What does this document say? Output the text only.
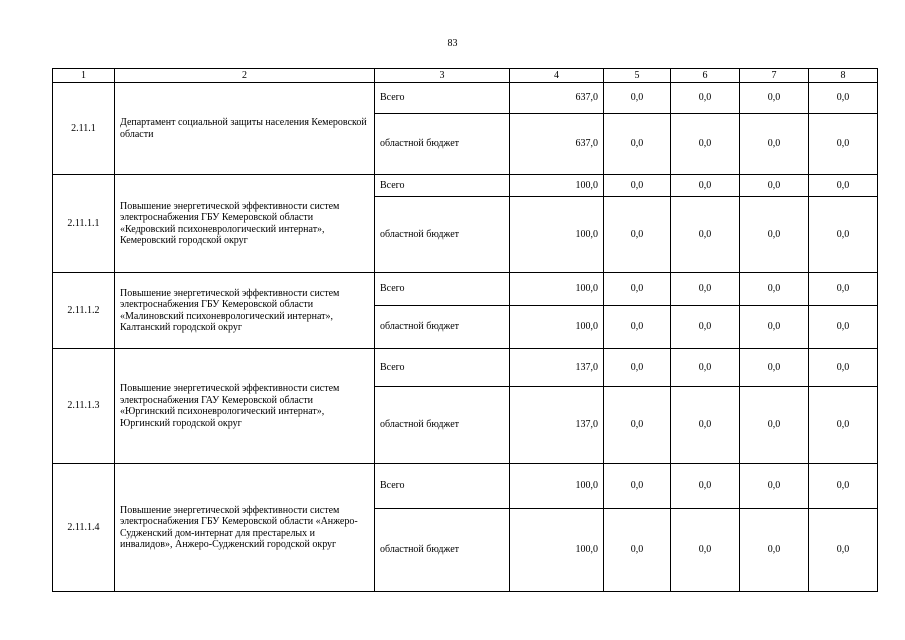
83
1	2	3	4	5	6	7	8
2.11.1	Департамент социальной защиты населения Кемеровской области	Всего	637,0	0,0	0,0	0,0	0,0
		областной бюджет	637,0	0,0	0,0	0,0	0,0
2.11.1.1	Повышение энергетической эффективности систем электроснабжения ГБУ Кемеровской области «Кедровский психоневрологический интернат», Кемеровский городской округ	Всего	100,0	0,0	0,0	0,0	0,0
		областной бюджет	100,0	0,0	0,0	0,0	0,0
2.11.1.2	Повышение энергетической эффективности систем электроснабжения ГБУ Кемеровской области «Малиновский психоневрологический интернат», Калтанский городской округ	Всего	100,0	0,0	0,0	0,0	0,0
		областной бюджет	100,0	0,0	0,0	0,0	0,0
2.11.1.3	Повышение энергетической эффективности систем электроснабжения ГАУ Кемеровской области «Юргинский психоневрологический интернат», Юргинский городской округ	Всего	137,0	0,0	0,0	0,0	0,0
		областной бюджет	137,0	0,0	0,0	0,0	0,0
2.11.1.4	Повышение энергетической эффективности систем электроснабжения ГБУ Кемеровской области «Анжеро-Судженский дом-интернат для престарелых и инвалидов», Анжеро-Судженский городской округ	Всего	100,0	0,0	0,0	0,0	0,0
		областной бюджет	100,0	0,0	0,0	0,0	0,0
